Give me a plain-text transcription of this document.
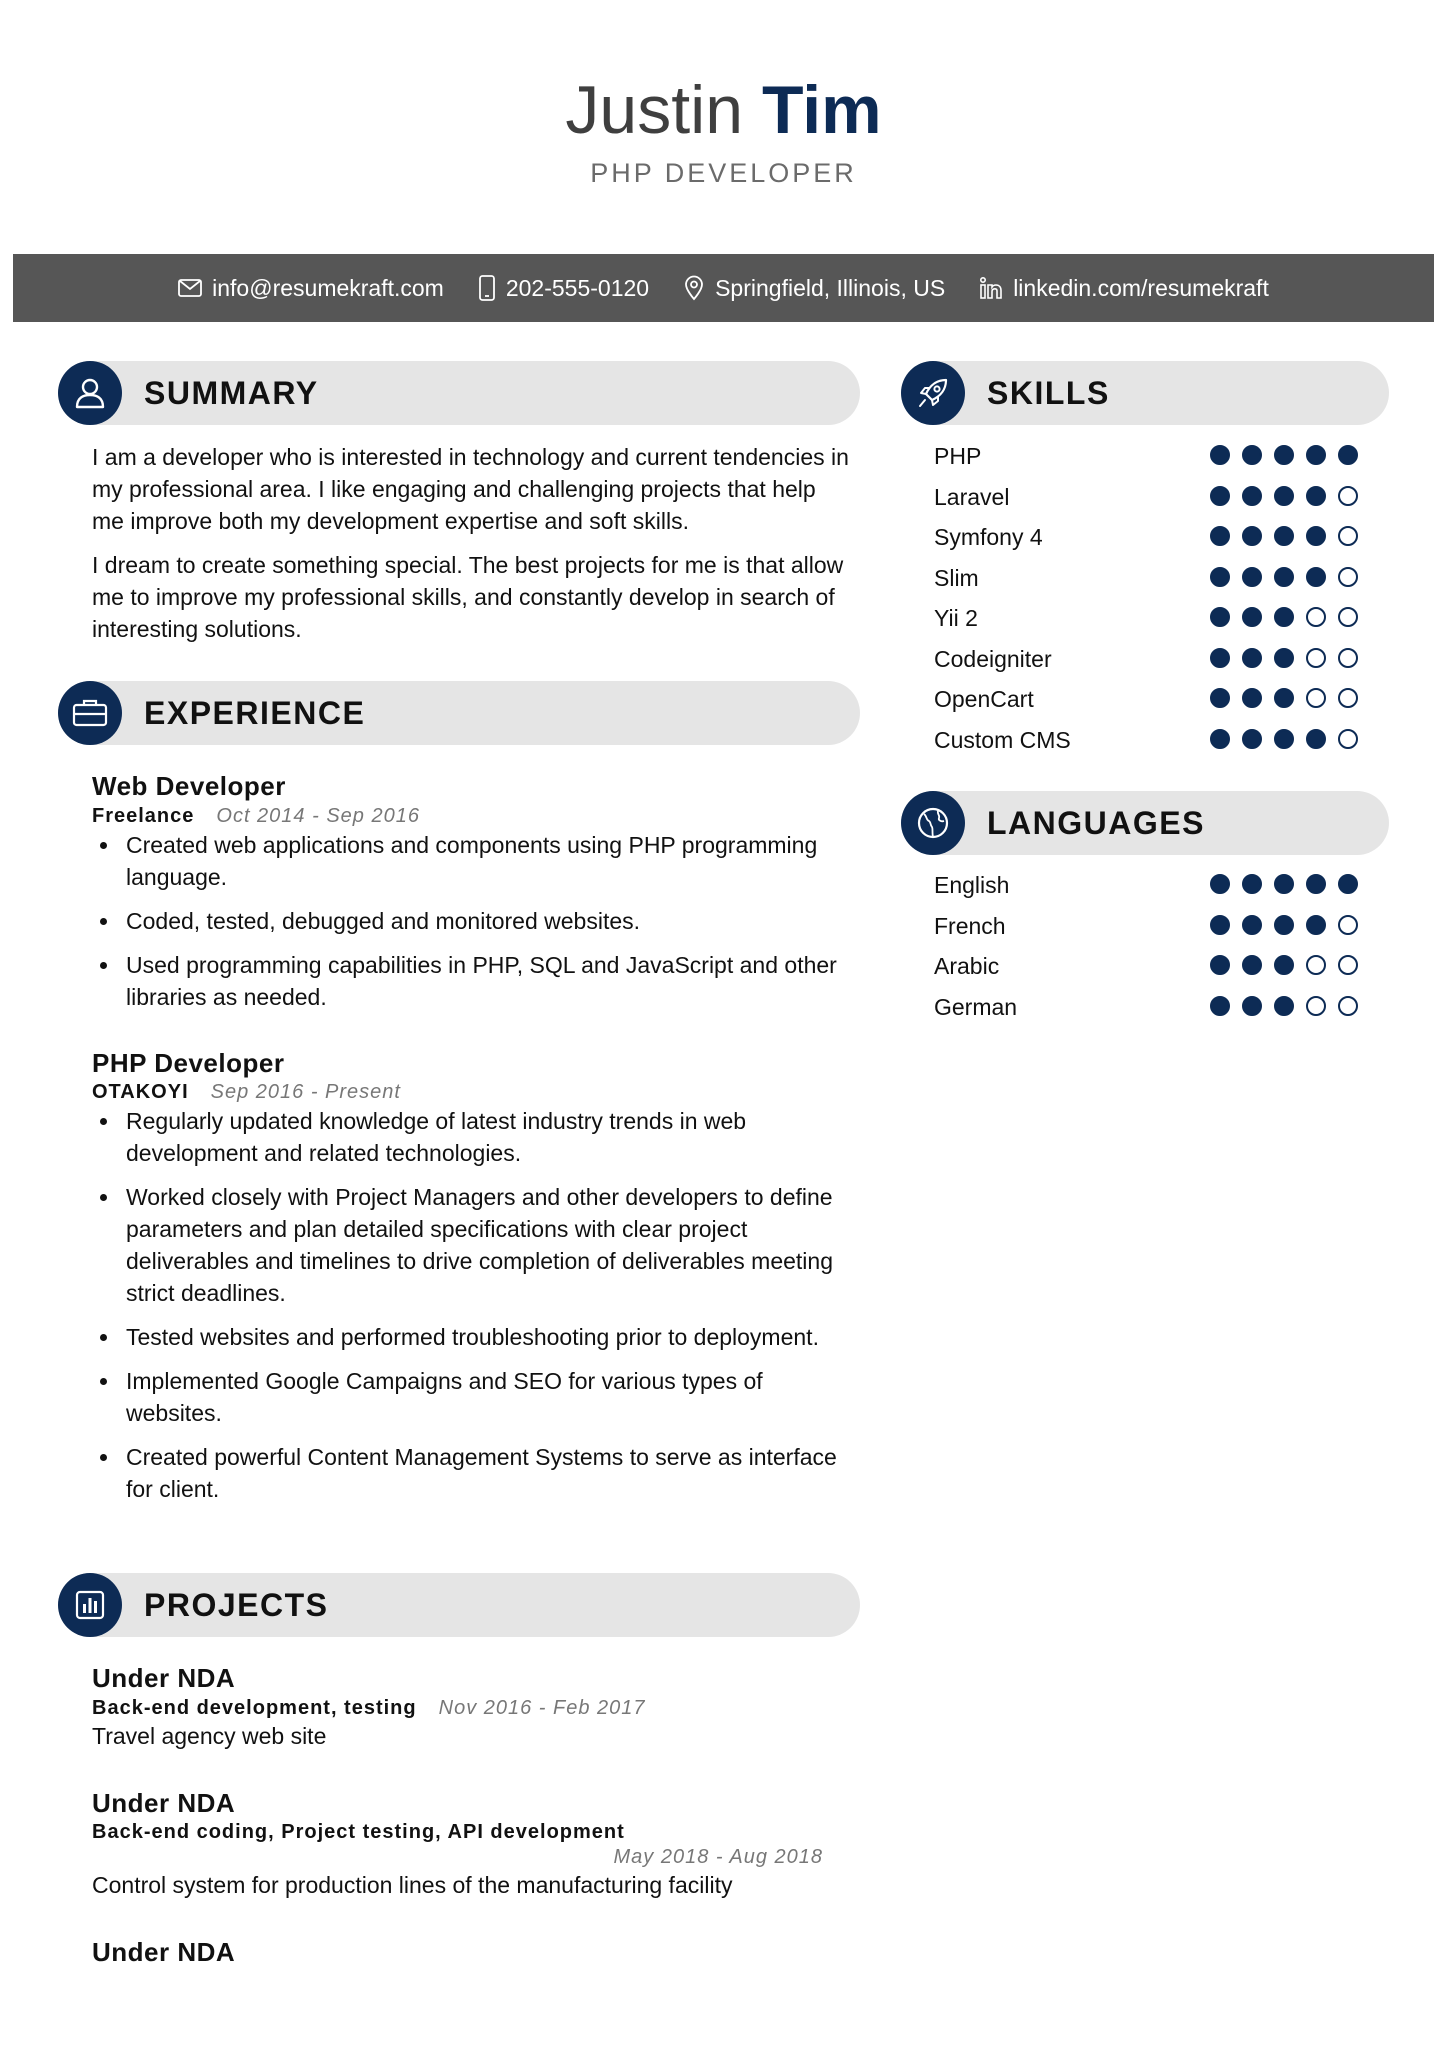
Justin Tim
PHP DEVELOPER
info@resumekraft.com	202-555-0120	Springfield, Illinois, US	linkedin.com/resumekraft
SUMMARY
I am a developer who is interested in technology and current tendencies in my professional area. I like engaging and challenging projects that help me improve both my development expertise and soft skills.
I dream to create something special. The best projects for me is that allow me to improve my professional skills, and constantly develop in search of interesting solutions.
EXPERIENCE
Web Developer
Freelance Oct 2014 - Sep 2016
Created web applications and components using PHP programming language.
Coded, tested, debugged and monitored websites.
Used programming capabilities in PHP, SQL and JavaScript and other libraries as needed.
PHP Developer
OTAKOYI Sep 2016 - Present
Regularly updated knowledge of latest industry trends in web development and related technologies.
Worked closely with Project Managers and other developers to define parameters and plan detailed specifications with clear project deliverables and timelines to drive completion of deliverables meeting strict deadlines.
Tested websites and performed troubleshooting prior to deployment.
Implemented Google Campaigns and SEO for various types of websites.
Created powerful Content Management Systems to serve as interface for client.
PROJECTS
Under NDA
Back-end development, testing Nov 2016 - Feb 2017
Travel agency web site
Under NDA
Back-end coding, Project testing, API development
May 2018 - Aug 2018
Control system for production lines of the manufacturing facility
Under NDA
SKILLS
PHP
Laravel
Symfony 4
Slim
Yii 2
Codeigniter
OpenCart
Custom CMS
LANGUAGES
English
French
Arabic
German
